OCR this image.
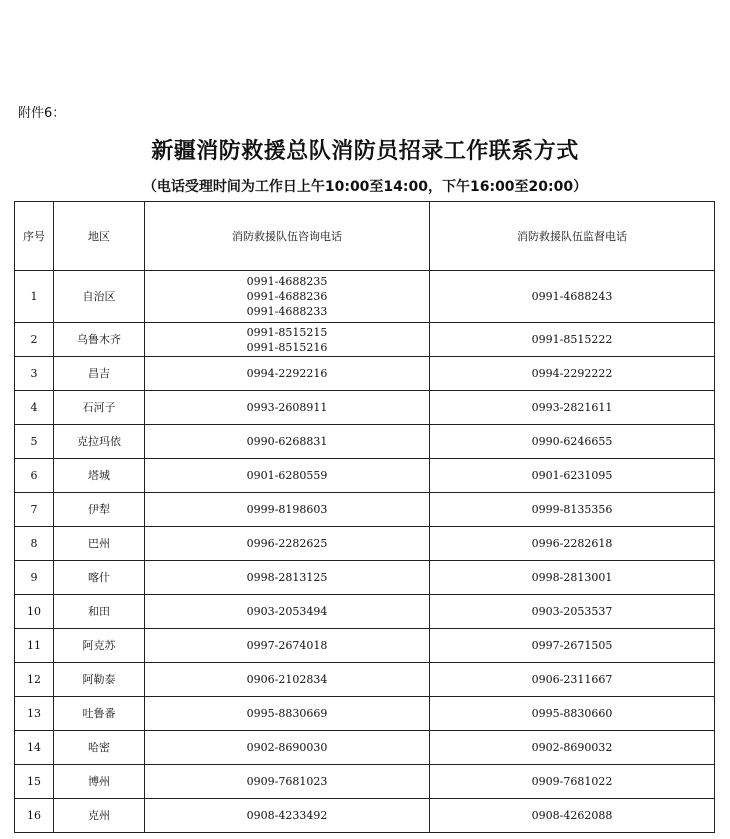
附件6：
新疆消防救援总队消防员招录工作联系方式
（电话受理时间为工作日上午10:00至14:00，下午16:00至20:00）
序号	地区	消防救援队伍咨询电话	消防救援队伍监督电话
1	自治区	0991-4688235
0991-4688236
0991-4688233	0991-4688243
2	乌鲁木齐	0991-8515215
0991-8515216	0991-8515222
3	昌吉	0994-2292216	0994-2292222
4	石河子	0993-2608911	0993-2821611
5	克拉玛依	0990-6268831	0990-6246655
6	塔城	0901-6280559	0901-6231095
7	伊犁	0999-8198603	0999-8135356
8	巴州	0996-2282625	0996-2282618
9	喀什	0998-2813125	0998-2813001
10	和田	0903-2053494	0903-2053537
11	阿克苏	0997-2674018	0997-2671505
12	阿勒泰	0906-2102834	0906-2311667
13	吐鲁番	0995-8830669	0995-8830660
14	哈密	0902-8690030	0902-8690032
15	博州	0909-7681023	0909-7681022
16	克州	0908-4233492	0908-4262088
